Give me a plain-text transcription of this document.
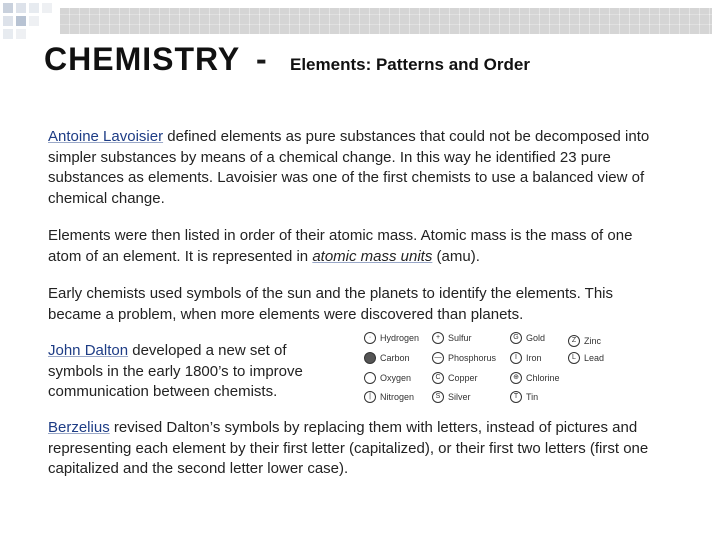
CHEMISTRY - Elements: Patterns and Order

Antoine Lavoisier defined elements as pure substances that could not be decomposed into simpler substances by means of a chemical change. In this way he identified 23 pure substances as elements. Lavoisier was one of the first chemists to use a balanced view of chemical change.

Elements were then listed in order of their atomic mass. Atomic mass is the mass of one atom of an element. It is represented in atomic mass units (amu).

Early chemists used symbols of the sun and the planets to identify the elements. This became a problem, when more elements were discovered than planets.

John Dalton developed a new set of symbols in the early 1800’s to improve communication between chemists.

· Hydrogen
Carbon
Oxygen
|	Nitrogen
+ Sulfur
— Phosphorus
C Copper
S Silver
G Gold
I	Iron
⊕ Chlorine
T Tin
Z Zinc
L Lead

Berzelius revised Dalton’s symbols by replacing them with letters, instead of pictures and representing each element by their first letter (capitalized), or their first two letters (first one capitalized and the second letter lower case).
